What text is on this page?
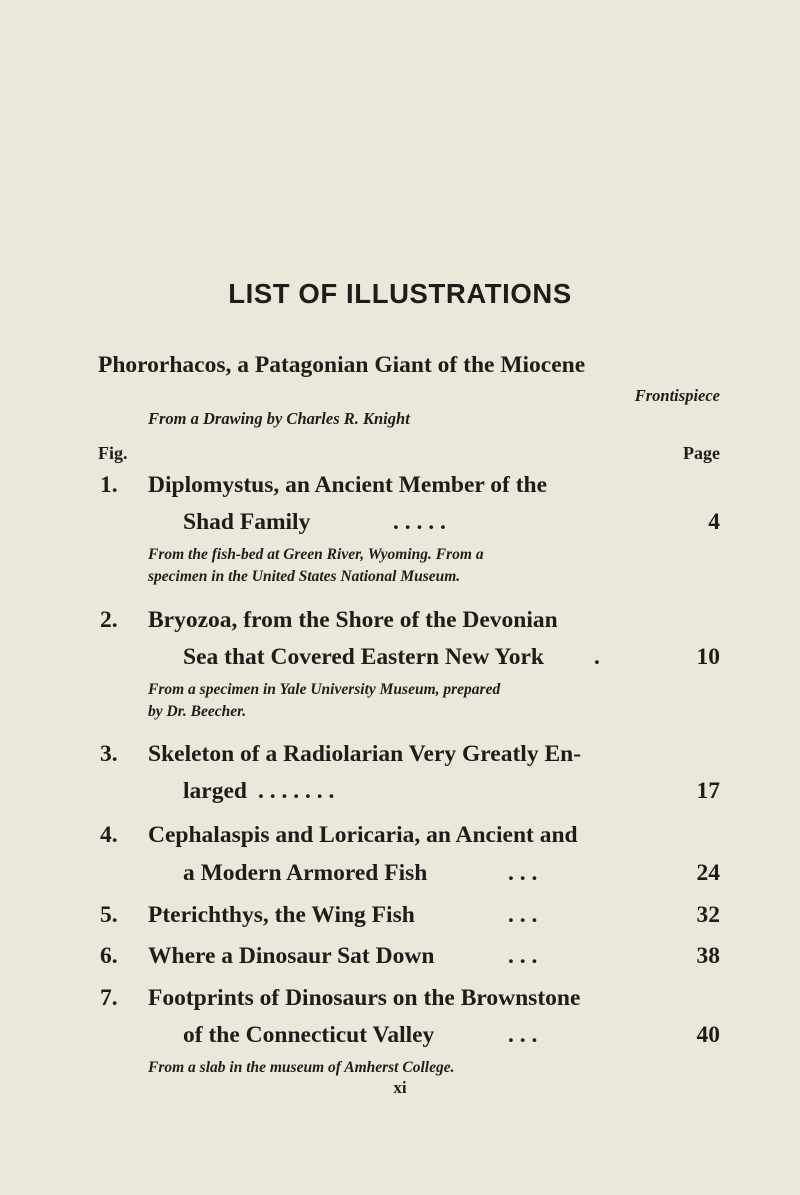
LIST OF ILLUSTRATIONS
Phororhacos, a Patagonian Giant of the Miocene
Frontispiece
From a Drawing by Charles R. Knight
Fig.	Page
1. Diplomystus, an Ancient Member of the
Shad Family	. . . . .	4
From the fish-bed at Green River, Wyoming. From a
specimen in the United States National Museum.
2. Bryozoa, from the Shore of the Devonian
Sea that Covered Eastern New York .	10
From a specimen in Yale University Museum, prepared
by Dr. Beecher.
3. Skeleton of a Radiolarian Very Greatly En-
larged . . . . . . .	17
4. Cephalaspis and Loricaria, an Ancient and
a Modern Armored Fish	. . .	24
5. Pterichthys, the Wing Fish	. . .	32
6. Where a Dinosaur Sat Down	. . .	38
7. Footprints of Dinosaurs on the Brownstone
of the Connecticut Valley	. . .	40
From a slab in the museum of Amherst College.
xi
